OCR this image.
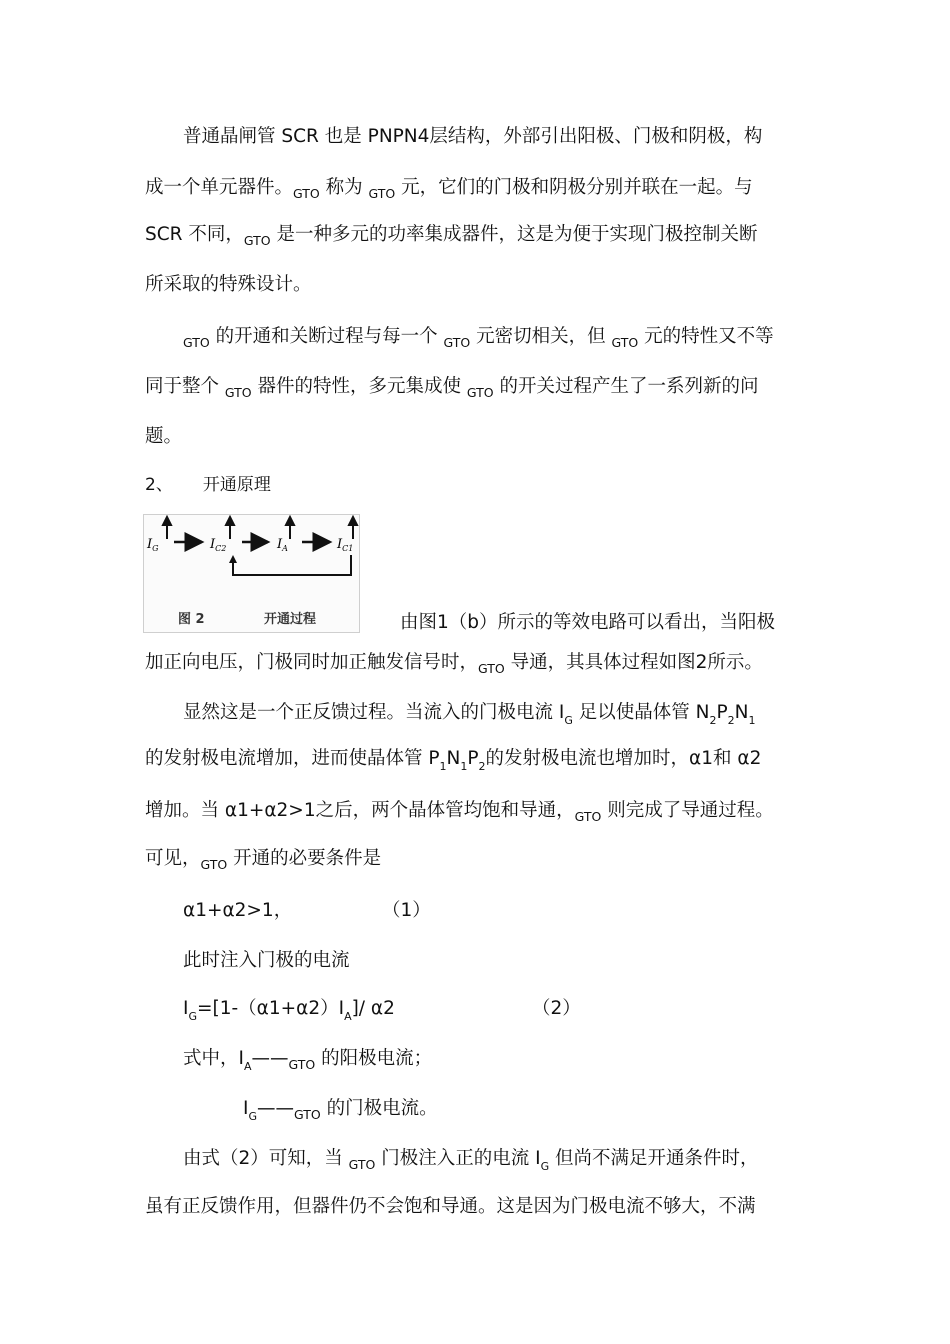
普通晶闸管 SCR 也是 PNPN4层结构，外部引出阳极、门极和阴极，构
成一个单元器件。$_{GTO}$ 称为 $_{GTO}$ 元，它们的门极和阴极分别并联在一起。与
SCR 不同，$_{GTO}$ 是一种多元的功率集成器件，这是为便于实现门极控制关断
所采取的特殊设计。
$_{GTO}$ 的开通和关断过程与每一个 $_{GTO}$ 元密切相关，但 $_{GTO}$ 元的特性又不等
同于整个 $_{GTO}$ 器件的特性，多元集成使 $_{GTO}$ 的开关过程产生了一系列新的问
题。
2、 开通原理
$I_G$	$I_{C2}$	$I_A$	$I_{C1}$
图 2	开通过程	由图1（b）所示的等效电路可以看出，当阳极
加正向电压，门极同时加正触发信号时，$_{GTO}$ 导通，其具体过程如图2所示。
显然这是一个正反馈过程。当流入的门极电流 $I_G$ 足以使晶体管 $N_2P_2N_1$
的发射极电流增加，进而使晶体管 $P_1N_1P_2$的发射极电流也增加时，α1和 α2
增加。当 α1+α2>1之后，两个晶体管均饱和导通，$_{GTO}$ 则完成了导通过程。
可见，$_{GTO}$ 开通的必要条件是
α1+α2>1，	（1）
此时注入门极的电流
$I_G=[1-(\alpha 1+\alpha 2)I_A]/$ α2	（2）
式中，$I_A——_{GTO}$ 的阳极电流；
$I_G——_{GTO}$ 的门极电流。
由式（2）可知，当 $_{GTO}$ 门极注入正的电流 $I_G$ 但尚不满足开通条件时，
虽有正反馈作用，但器件仍不会饱和导通。这是因为门极电流不够大，不满
